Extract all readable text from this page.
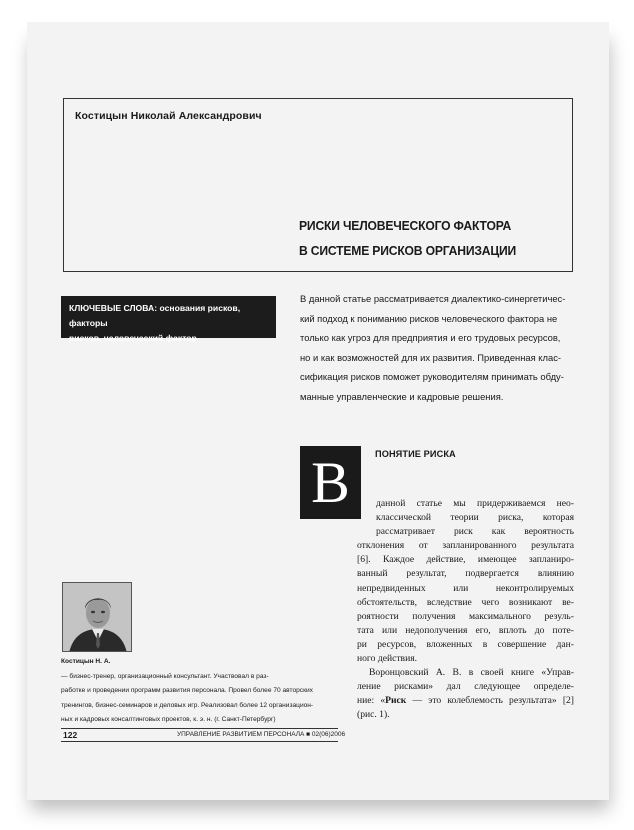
Костицын Николай Александрович
РИСКИ ЧЕЛОВЕЧЕСКОГО ФАКТОРА
В СИСТЕМЕ РИСКОВ ОРГАНИЗАЦИИ
КЛЮЧЕВЫЕ СЛОВА: основания рисков, факторы
рисков, человеческий фактор
В данной статье рассматривается диалектико-синергетичес-
кий подход к пониманию рисков человеческого фактора не
только как угроз для предприятия и его трудовых ресурсов,
но и как возможностей для их развития. Приведенная клас-
сификация рисков поможет руководителям принимать обду-
манные управленческие и кадровые решения.
В	ПОНЯТИЕ РИСКА
данной статье мы придерживаемся нео-
классической теории риска, которая
рассматривает риск как вероятность
отклонения от запланированного результата
[6]. Каждое действие, имеющее запланиро-
ванный результат, подвергается влиянию
непредвиденных или неконтролируемых
обстоятельств, вследствие чего возникают ве-
роятности получения максимального резуль-
тата или недополучения его, вплоть до поте-
ри ресурсов, вложенных в совершение дан-
ного действия.
Воронцовский А. В. в своей книге «Управ-
ление рисками» дал следующее определе-
ние: «Риск — это колеблемость результата» [2]
(рис. 1).
Костицын Н. А.
— бизнес-тренер, организационный консультант. Участвовал в раз-
работке и проведении программ развития персонала. Провел более 70 авторских
тренингов, бизнес-семинаров и деловых игр. Реализовал более 12 организацион-
ных и кадровых консалтинговых проектов, к. э. н. (г. Санкт-Петербург)
122	УПРАВЛЕНИЕ РАЗВИТИЕМ ПЕРСОНАЛА ■ 02(06)2006
